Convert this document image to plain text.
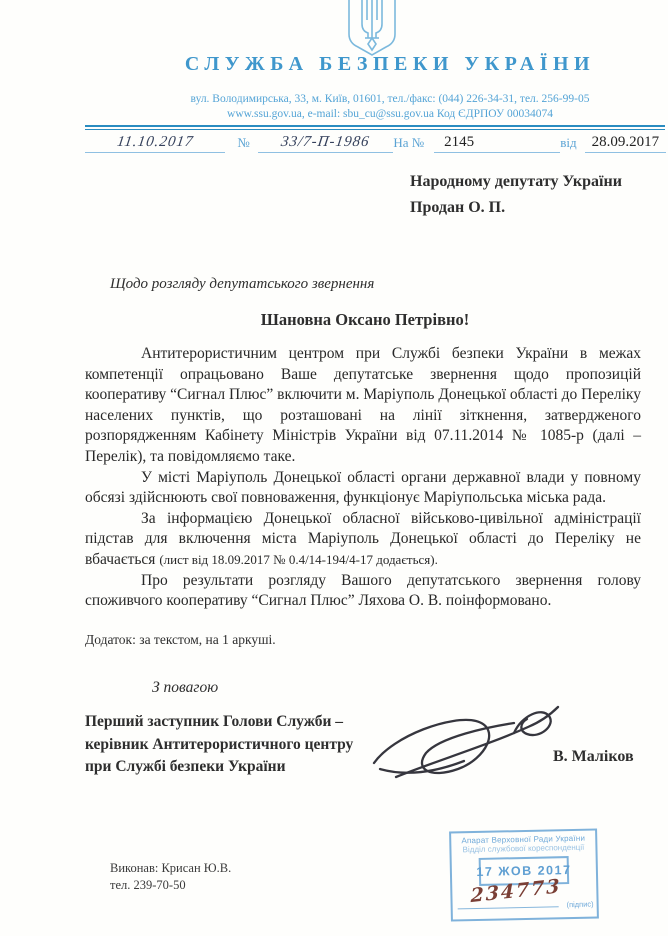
СЛУЖБА БЕЗПЕКИ УКРАЇНИ
вул. Володимирська, 33, м. Київ, 01601, тел./факс: (044) 226-34-31, тел. 256-99-05
www.ssu.gov.ua, e-mail: sbu_cu@ssu.gov.ua Код ЄДРПОУ 00034074
11.10.2017	№	33/7-П-1986	На №	2145	від 28.09.2017
Народному депутату України
Продан О. П.
Щодо розгляду депутатського звернення
Шановна Оксано Петрівно!

Антитерористичним центром при Службі безпеки України в межах компетенції опрацьовано Ваше депутатське звернення щодо пропозицій кооперативу “Сигнал Плюс” включити м. Маріуполь Донецької області до Переліку населених пунктів, що розташовані на лінії зіткнення, затвердженого розпорядженням Кабінету Міністрів України від 07.11.2014 № 1085-р (далі – Перелік), та повідомляємо таке.

У місті Маріуполь Донецької області органи державної влади у повному обсязі здійснюють свої повноваження, функціонує Маріупольська міська рада.

За інформацією Донецької обласної військово-цивільної адміністрації підстав для включення міста Маріуполь Донецької області до Переліку не вбачається (лист від 18.09.2017 № 0.4/14-194/4-17 додається).

Про результати розгляду Вашого депутатського звернення голову споживчого кооперативу “Сигнал Плюс” Ляхова О. В. поінформовано.

Додаток: за текстом, на 1 аркуші.
З повагою
Перший заступник Голови Служби –
керівник Антитерористичного центру
при Службі безпеки України
В. Маліков
Виконав: Крисан Ю.В.
тел. 239-70-50
Апарат Верховної Ради України
Відділ службової кореспонденції
17 ЖОВ 2017
234773 (підпис)
